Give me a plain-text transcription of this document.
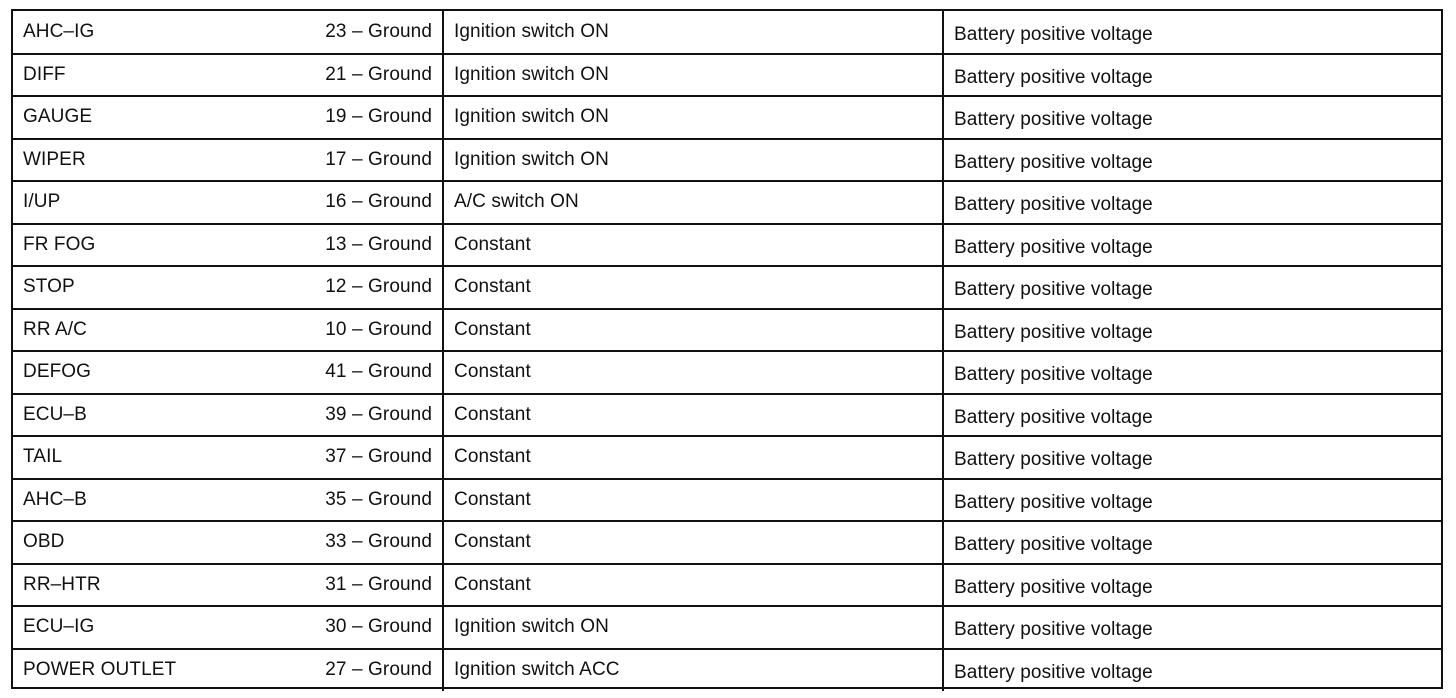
AHC–IG	23 – Ground	Ignition switch ON	Battery positive voltage
DIFF	21 – Ground	Ignition switch ON	Battery positive voltage
GAUGE	19 – Ground	Ignition switch ON	Battery positive voltage
WIPER	17 – Ground	Ignition switch ON	Battery positive voltage
I/UP	16 – Ground	A/C switch ON	Battery positive voltage
FR FOG	13 – Ground	Constant	Battery positive voltage
STOP	12 – Ground	Constant	Battery positive voltage
RR A/C	10 – Ground	Constant	Battery positive voltage
DEFOG	41 – Ground	Constant	Battery positive voltage
ECU–B	39 – Ground	Constant	Battery positive voltage
TAIL	37 – Ground	Constant	Battery positive voltage
AHC–B	35 – Ground	Constant	Battery positive voltage
OBD	33 – Ground	Constant	Battery positive voltage
RR–HTR	31 – Ground	Constant	Battery positive voltage
ECU–IG	30 – Ground	Ignition switch ON	Battery positive voltage
POWER OUTLET	27 – Ground	Ignition switch ACC	Battery positive voltage
